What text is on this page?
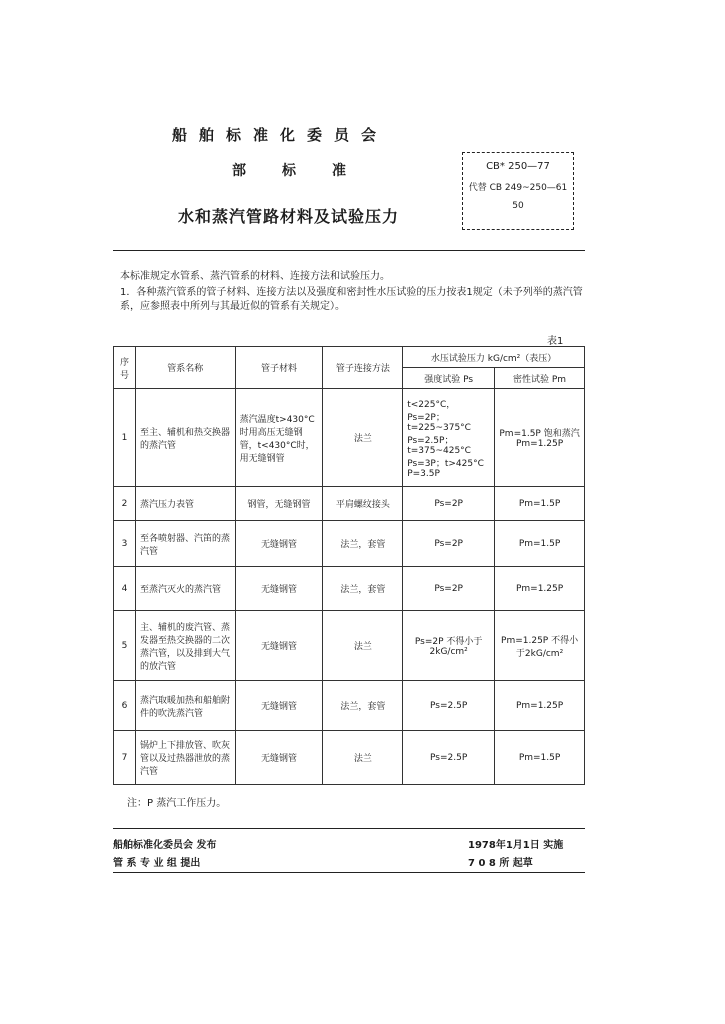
船舶标准化委员会
部	标	准
水和蒸汽管路材料及试验压力
CB* 250—77
代替 CB 249~250—61
50
本标准规定水管系、蒸汽管系的材料、连接方法和试验压力。
1．各种蒸汽管系的管子材料、连接方法以及强度和密封性水压试验的压力按表1规定（未予列举的蒸汽管系，应参照表中所列与其最近似的管系有关规定）。
表1
序号	管系名称	管子材料	管子连接方法	水压试验压力 kG/cm²（表压）	
				强度试验 Ps	密性试验 Pm
1	至主、辅机和热交换器的蒸汽管	蒸汽温度t>430°C时用高压无缝钢管，t<430°C时，用无缝钢管	法兰	t<225°C，Ps=2P；t=225~375°C Ps=2.5P；t=375~425°C Ps=3P；t>425°C P=3.5P	Pm=1.5P 饱和蒸汽 Pm=1.25P
2	蒸汽压力表管	钢管，无缝钢管	平肩螺纹接头	Ps=2P	Pm=1.5P
3	至各喷射器、汽笛的蒸汽管	无缝钢管	法兰，套管	Ps=2P	Pm=1.5P
4	至蒸汽灭火的蒸汽管	无缝钢管	法兰，套管	Ps=2P	Pm=1.25P
5	主、辅机的废汽管、蒸发器至热交换器的二次蒸汽管，以及排到大气的放汽管	无缝钢管	法兰	Ps=2P 不得小于2kG/cm²	Pm=1.25P 不得小于2kG/cm²
6	蒸汽取暖加热和船舶附件的吹洗蒸汽管	无缝钢管	法兰，套管	Ps=2.5P	Pm=1.25P
7	锅炉上下排放管、吹灰管以及过热器泄放的蒸汽管	无缝钢管	法兰	Ps=2.5P	Pm=1.5P
注：P 蒸汽工作压力。
船舶标准化委员会 发布
管 系 专 业 组 提出
1978年1月1日 实施
7 0 8 所 起草
